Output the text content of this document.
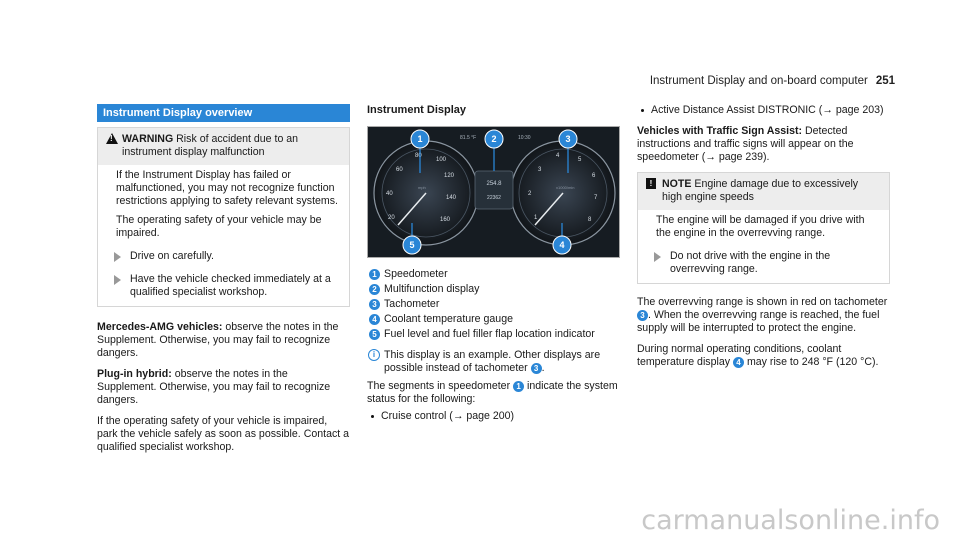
Instrument Display and on-board computer 251
Instrument Display overview
!
WARNING Risk of accident due to an instrument display malfunction

If the Instrument Display has failed or malfunctioned, you may not recognize function restrictions applying to safety relevant systems.

The operating safety of your vehicle may be impaired.

Drive on carefully.
Have the vehicle checked immediately at a qualified specialist workshop.

Mercedes-AMG vehicles: observe the notes in the Supplement. Otherwise, you may fail to recognize dangers.

Plug-in hybrid: observe the notes in the Supplement. Otherwise, you may fail to recognize dangers.

If the operating safety of your vehicle is impaired, park the vehicle safely as soon as possible. Contact a qualified specialist workshop.

Instrument Display
254.8
22362
81.5 °F	10:30
20
40
60
80
100
120
140
160
mph
1
2
3
4
5
6
7
8
x1000/min
1	2	3
4
5
1 Speedometer
2 Multifunction display
3 Tachometer
4 Coolant temperature gauge
5 Fuel level and fuel filler flap location indicator
i This display is an example. Other displays are possible instead of tachometer 3 .

The segments in speedometer 1 indicate the system status for the following:

Cruise control (→ page 200)
Active Distance Assist DISTRONIC (→ page 203)

Vehicles with Traffic Sign Assist: Detected instructions and traffic signs will appear on the speedometer (→ page 239).

! NOTE Engine damage due to excessively high engine speeds

The engine will be damaged if you drive with the engine in the overrevving range.

Do not drive with the engine in the overrevving range.

The overrevving range is shown in red on tachometer 3 . When the overrevving range is reached, the fuel supply will be interrupted to protect the engine.

During normal operating conditions, coolant temperature display 4 may rise to 248 °F (120 °C).

carmanualsonline.info
